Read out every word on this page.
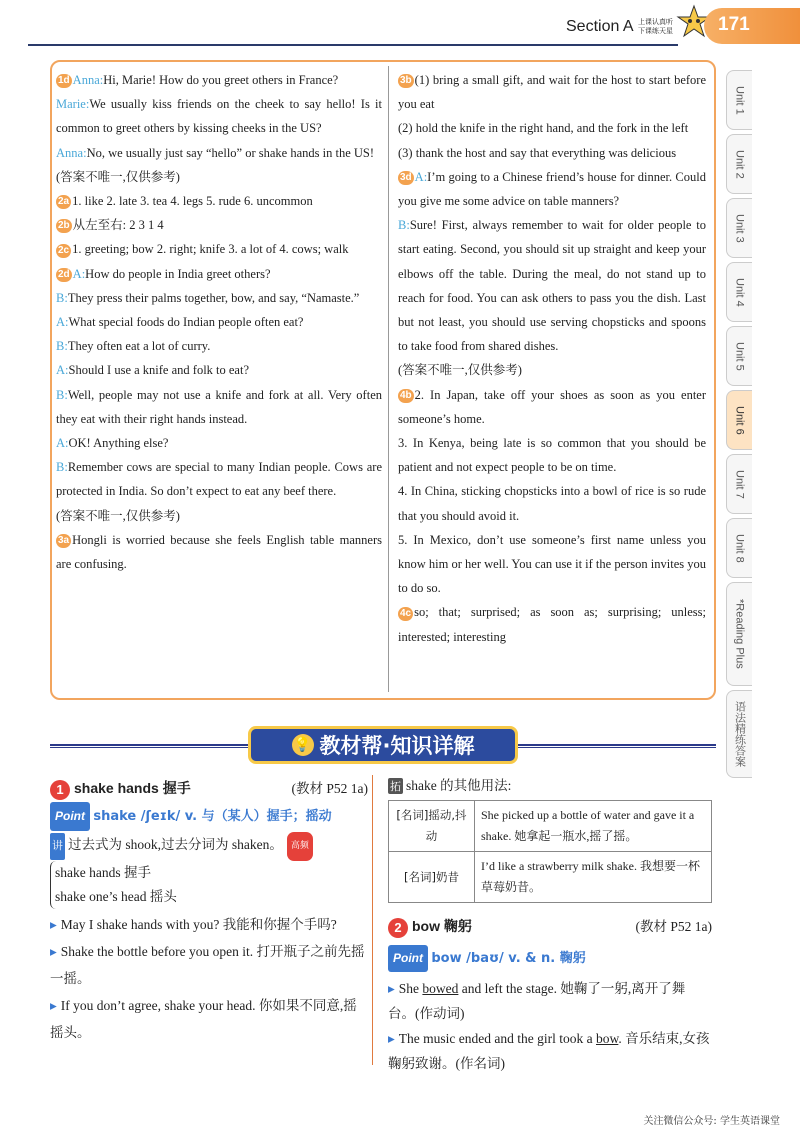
Section A 上课认真听
下课练天星	171
1d Anna:Hi, Marie! How do you greet others in France?
Marie:We usually kiss friends on the cheek to say hello! Is it common to greet others by kissing cheeks in the US?
Anna:No, we usually just say “hello” or shake hands in the US!
(答案不唯一,仅供参考)
2a 1. like 2. late 3. tea 4. legs 5. rude 6. uncommon
2b 从左至右: 2 3 1 4
2c 1. greeting; bow 2. right; knife 3. a lot of 4. cows; walk
2d A:How do people in India greet others?
B:They press their palms together, bow, and say, “Namaste.”
A:What special foods do Indian people often eat?
B:They often eat a lot of curry.
A:Should I use a knife and folk to eat?
B:Well, people may not use a knife and fork at all. Very often they eat with their right hands instead.
A:OK! Anything else?
B:Remember cows are special to many Indian people. Cows are protected in India. So don’t expect to eat any beef there.
(答案不唯一,仅供参考)
3a Hongli is worried because she feels English table manners are confusing.
3b (1) bring a small gift, and wait for the host to start before you eat
(2) hold the knife in the right hand, and the fork in the left
(3) thank the host and say that everything was delicious
3d A:I’m going to a Chinese friend’s house for dinner. Could you give me some advice on table manners?
B:Sure! First, always remember to wait for older people to start eating. Second, you should sit up straight and keep your elbows off the table. During the meal, do not stand up to reach for food. You can ask others to pass you the dish. Last but not least, you should use serving chopsticks and spoons to take food from shared dishes.
(答案不唯一,仅供参考)
4b 2. In Japan, take off your shoes as soon as you enter someone’s home.
3. In Kenya, being late is so common that you should be patient and not expect people to be on time.
4. In China, sticking chopsticks into a bowl of rice is so rude that you should avoid it.
5. In Mexico, don’t use someone’s first name unless you know him or her well. You can use it if the person invites you to do so.
4c so; that; surprised; as soon as; surprising; unless; interested; interesting
Unit 1
Unit 2
Unit 3
Unit 4
Unit 5
Unit 6
Unit 7
Unit 8
*Reading Plus
语法精练答案
💡 教材帮·知识详解
1 shake hands 握手	(教材 P52 1a)
Point shake /ʃeɪk/ v. 与（某人）握手；摇动
讲 过去式为 shook,过去分词为 shaken。 高频
shake hands 握手
shake one’s head 摇头
▸ May I shake hands with you? 我能和你握个手吗?
▸ Shake the bottle before you open it. 打开瓶子之前先摇一摇。
▸ If you don’t agree, shake your head. 你如果不同意,摇摇头。
拓 shake 的其他用法:
[名词]摇动,抖动	She picked up a bottle of water and gave it a shake. 她拿起一瓶水,摇了摇。
[名词]奶昔	I’d like a strawberry milk shake. 我想要一杯草莓奶昔。
2 bow 鞠躬	(教材 P52 1a)
Point bow /baʊ/ v. & n. 鞠躬
▸ She bowed and left the stage. 她鞠了一躬,离开了舞台。(作动词)
▸ The music ended and the girl took a bow. 音乐结束,女孩鞠躬致谢。(作名词)
关注微信公众号: 学生英语课堂
